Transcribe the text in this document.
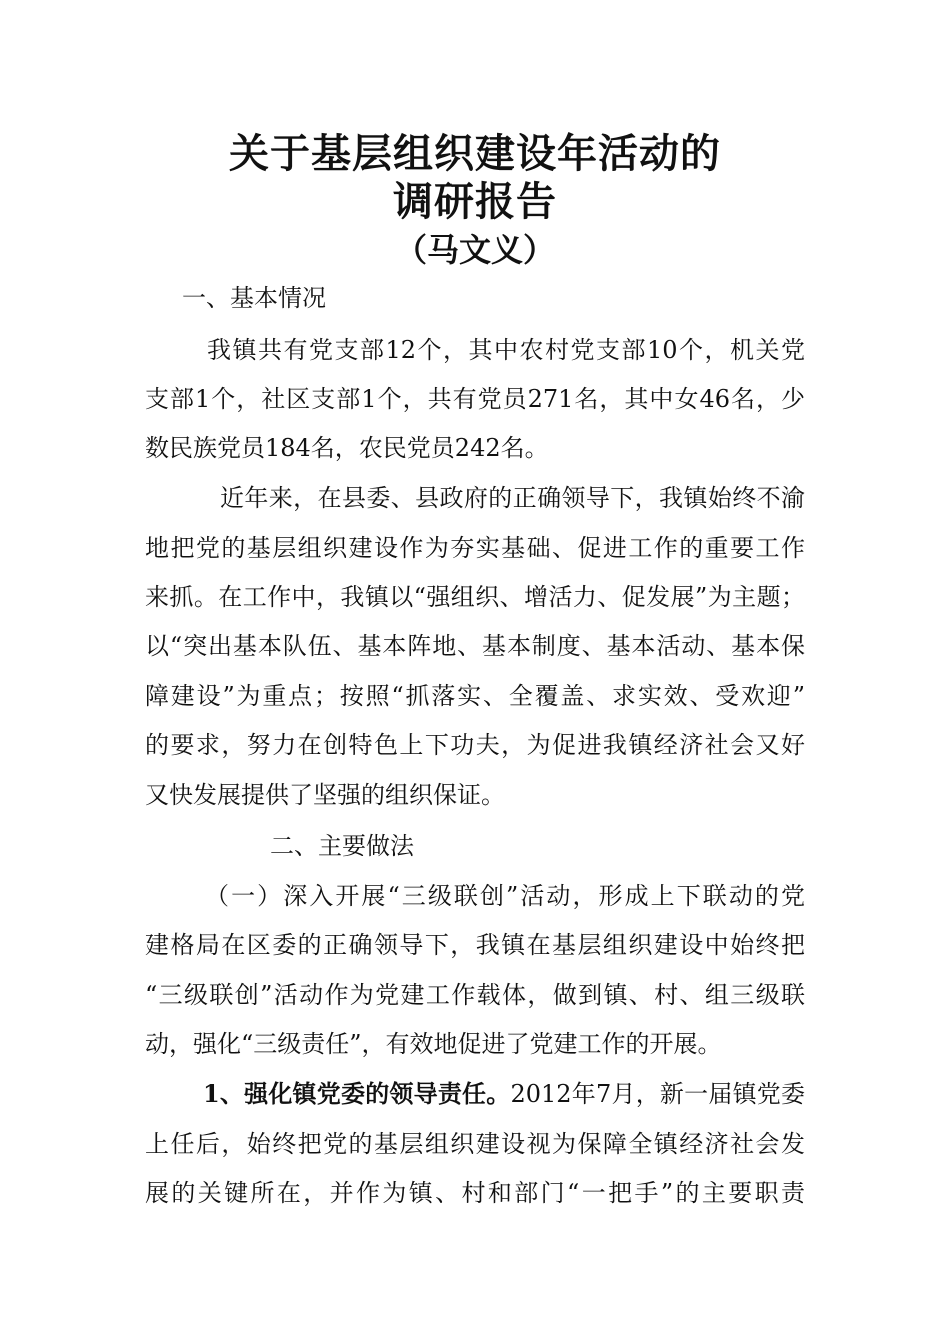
关于基层组织建设年活动的
调研报告
（马文义）
一、基本情况
我镇共有党支部12个，其中农村党支部10个，机关党
支部1个，社区支部1个，共有党员271名，其中女46名，少
数民族党员184名，农民党员242名。
近年来，在县委、县政府的正确领导下，我镇始终不渝
地把党的基层组织建设作为夯实基础、促进工作的重要工作
来抓。在工作中，我镇以“强组织、增活力、促发展”为主题；
以“突出基本队伍、基本阵地、基本制度、基本活动、基本保
障建设”为重点；按照“抓落实、全覆盖、求实效、受欢迎”
的要求，努力在创特色上下功夫，为促进我镇经济社会又好
又快发展提供了坚强的组织保证。
二、主要做法
（一）深入开展“三级联创”活动，形成上下联动的党
建格局在区委的正确领导下，我镇在基层组织建设中始终把
“三级联创”活动作为党建工作载体，做到镇、村、组三级联
动，强化“三级责任”，有效地促进了党建工作的开展。
1、强化镇党委的领导责任。2012年7月，新一届镇党委
上任后，始终把党的基层组织建设视为保障全镇经济社会发
展的关键所在，并作为镇、村和部门“一把手”的主要职责
